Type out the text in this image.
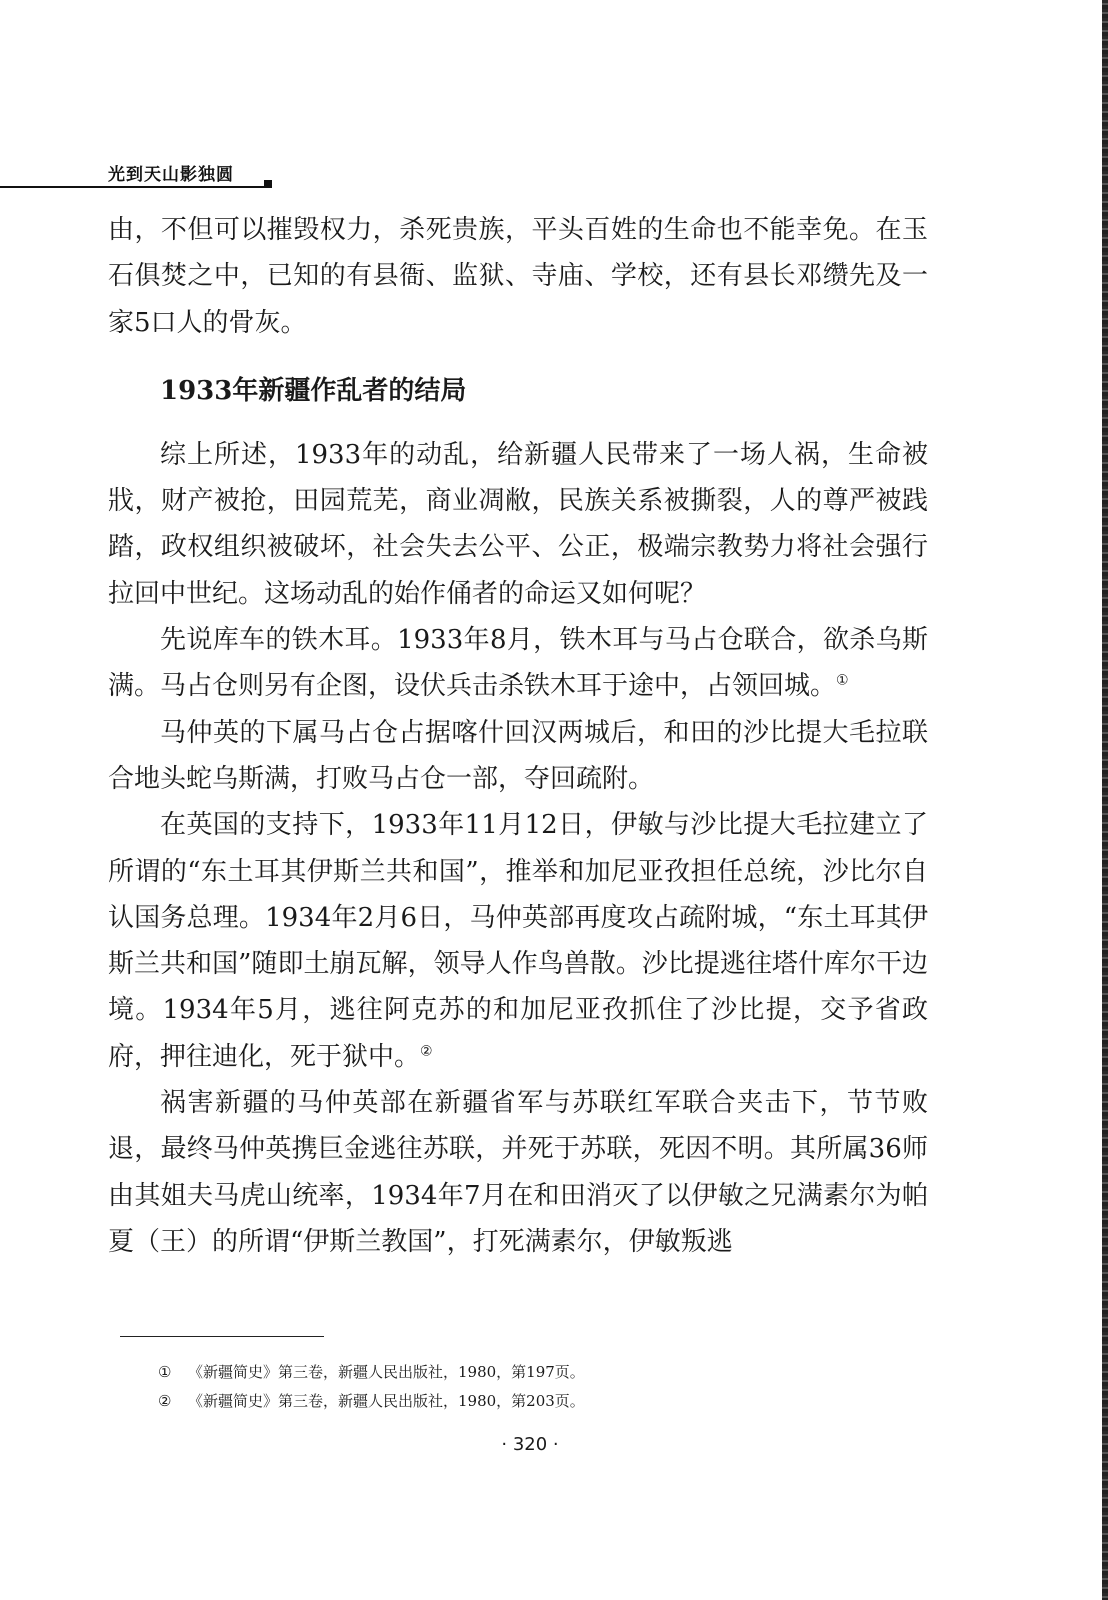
光到天山影独圆

由，不但可以摧毁权力，杀死贵族，平头百姓的生命也不能幸免。在玉石俱焚之中，已知的有县衙、监狱、寺庙、学校，还有县长邓缵先及一家5口人的骨灰。

1933年新疆作乱者的结局

综上所述，1933年的动乱，给新疆人民带来了一场人祸，生命被戕，财产被抢，田园荒芜，商业凋敝，民族关系被撕裂，人的尊严被践踏，政权组织被破坏，社会失去公平、公正，极端宗教势力将社会强行拉回中世纪。这场动乱的始作俑者的命运又如何呢？

先说库车的铁木耳。1933年8月，铁木耳与马占仓联合，欲杀乌斯满。马占仓则另有企图，设伏兵击杀铁木耳于途中，占领回城。①

马仲英的下属马占仓占据喀什回汉两城后，和田的沙比提大毛拉联合地头蛇乌斯满，打败马占仓一部，夺回疏附。

在英国的支持下，1933年11月12日，伊敏与沙比提大毛拉建立了所谓的“东土耳其伊斯兰共和国”，推举和加尼亚孜担任总统，沙比尔自认国务总理。1934年2月6日，马仲英部再度攻占疏附城，“东土耳其伊斯兰共和国”随即土崩瓦解，领导人作鸟兽散。沙比提逃往塔什库尔干边境。1934年5月，逃往阿克苏的和加尼亚孜抓住了沙比提，交予省政府，押往迪化，死于狱中。②

祸害新疆的马仲英部在新疆省军与苏联红军联合夹击下，节节败退，最终马仲英携巨金逃往苏联，并死于苏联，死因不明。其所属36师由其姐夫马虎山统率，1934年7月在和田消灭了以伊敏之兄满素尔为帕夏（王）的所谓“伊斯兰教国”，打死满素尔，伊敏叛逃

① 《新疆简史》第三卷，新疆人民出版社，1980，第197页。
② 《新疆简史》第三卷，新疆人民出版社，1980，第203页。
· 320 ·
